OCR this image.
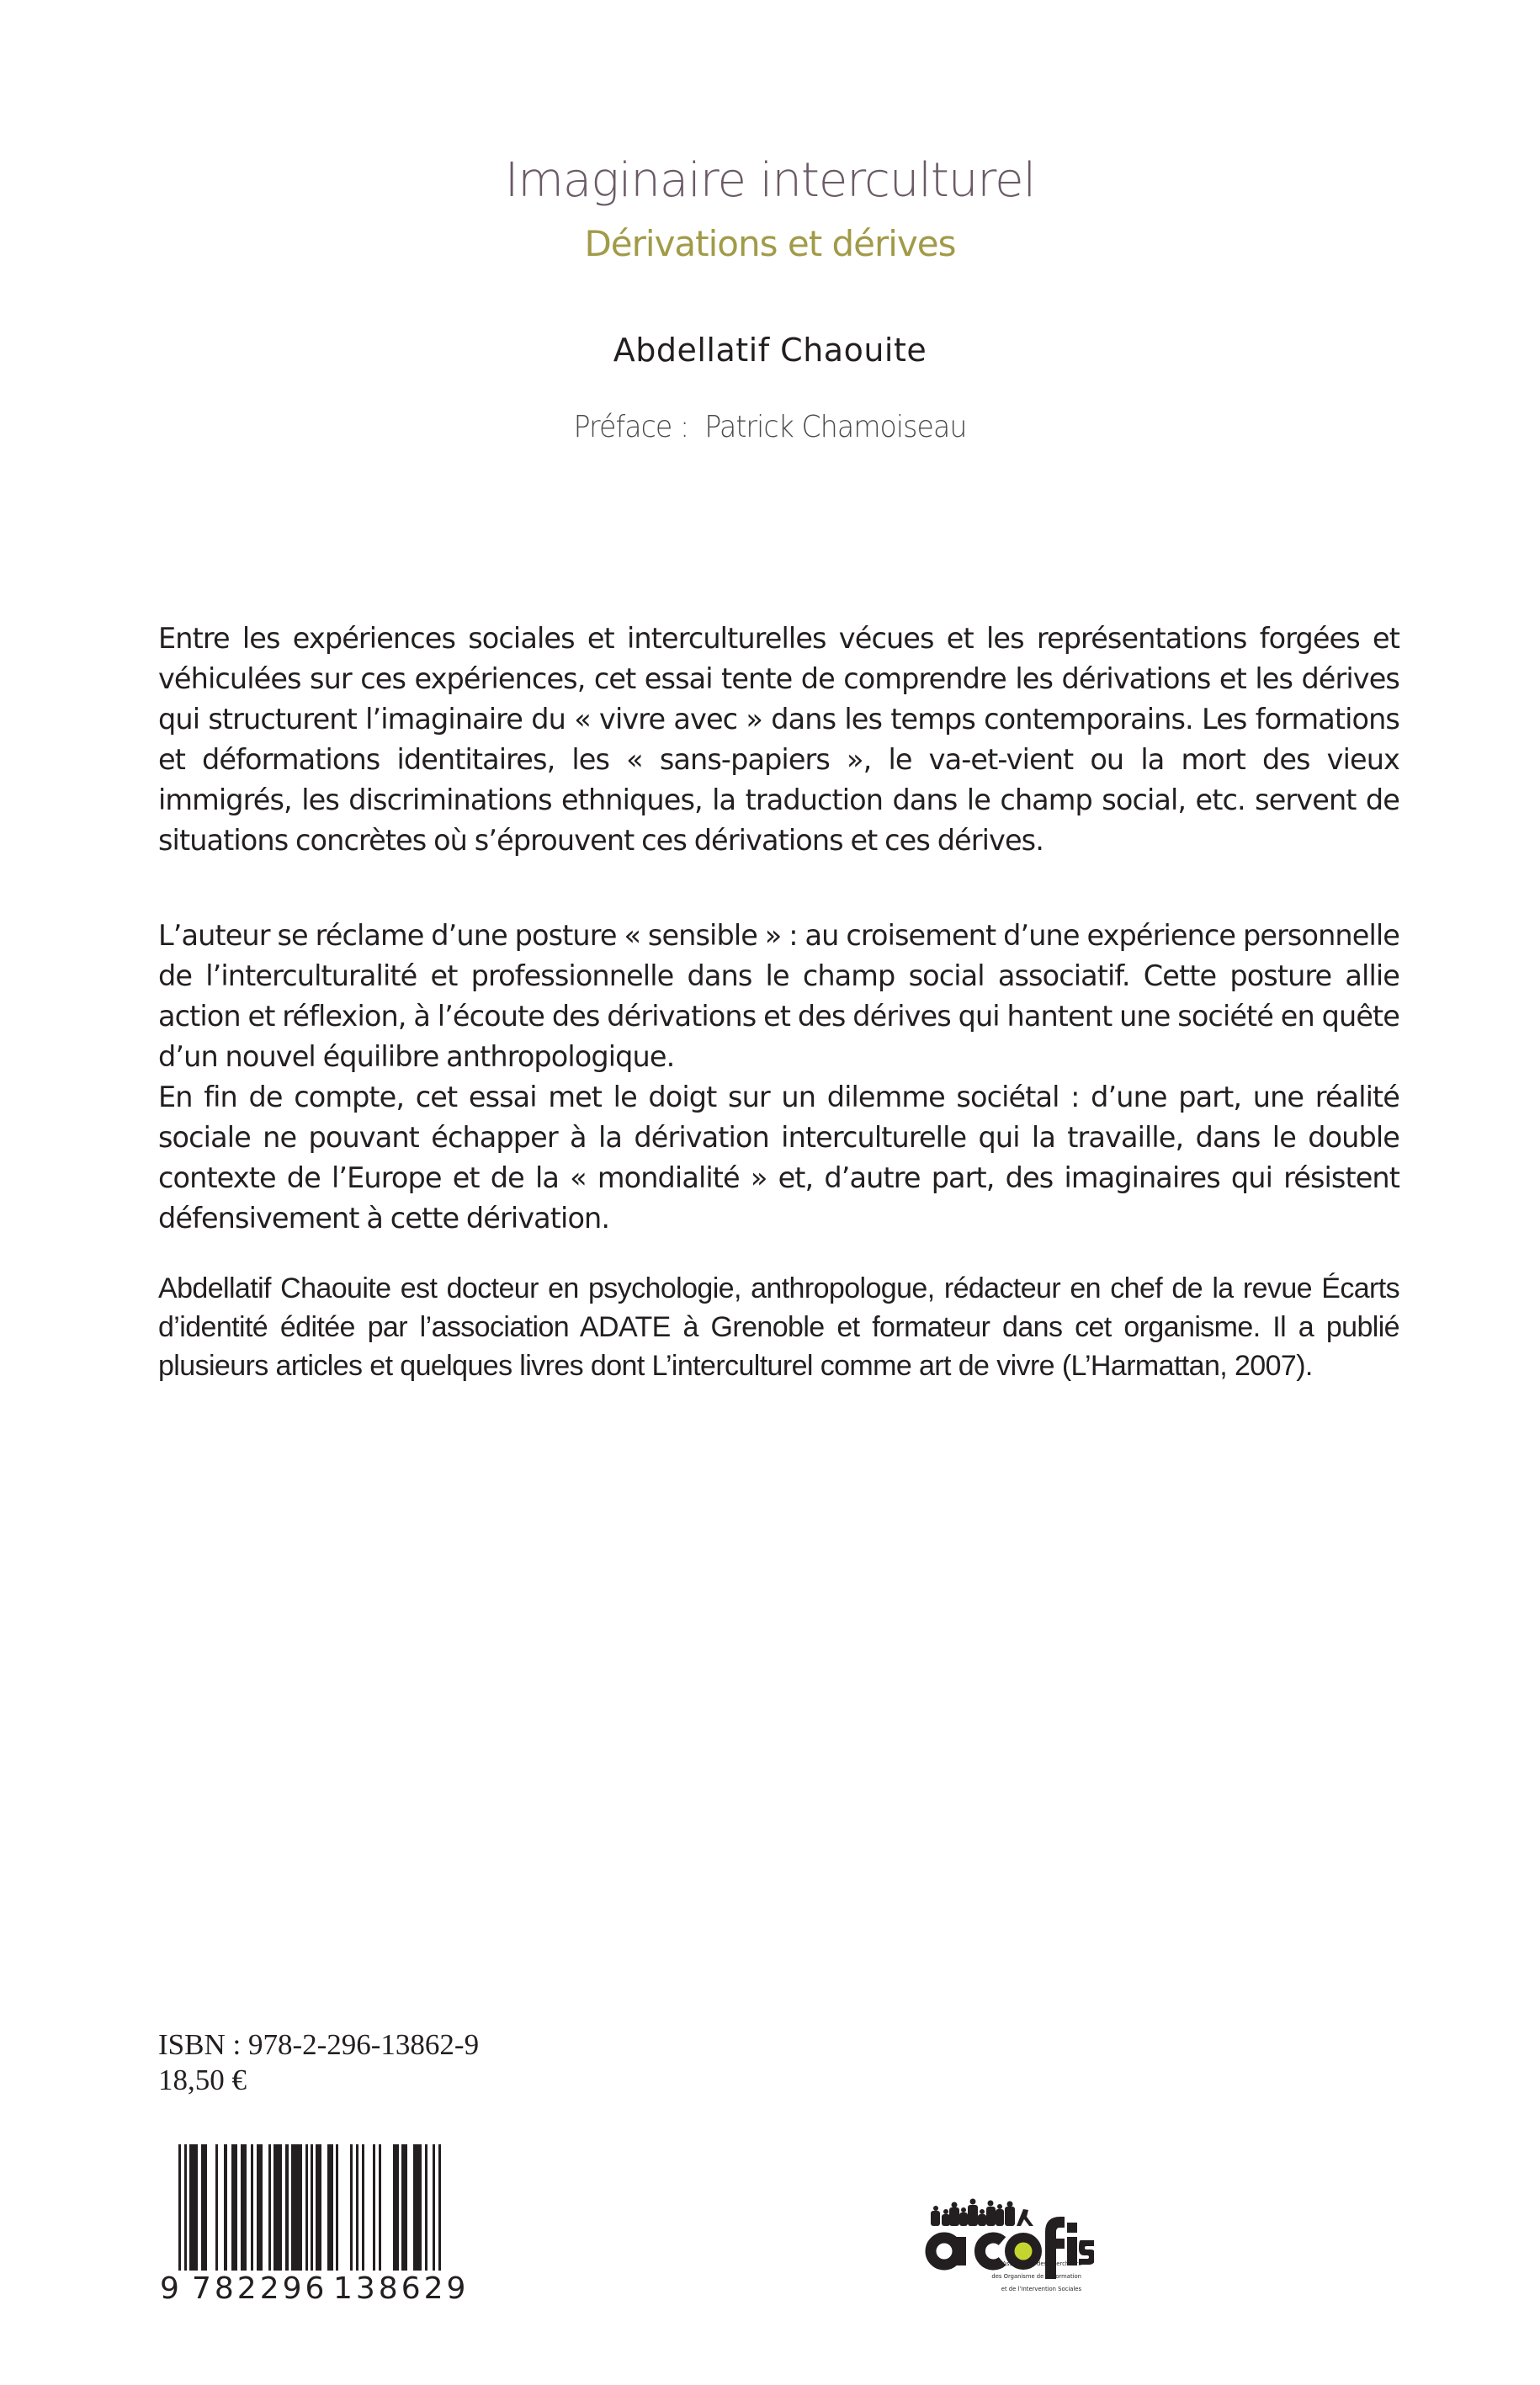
Imaginaire interculturel
Dérivations et dérives
Abdellatif Chaouite
Préface : Patrick Chamoiseau

Entre les expériences sociales et interculturelles vécues et les représentations forgées et véhiculées sur ces expériences, cet essai tente de comprendre les dérivations et les dérives qui structurent l’imaginaire du « vivre avec » dans les temps contemporains. Les formations et déformations identitaires, les « sans-papiers », le va-et-vient ou la mort des vieux immigrés, les discriminations ethniques, la traduction dans le champ social, etc. servent de situations concrètes où s’éprouvent ces dérivations et ces dérives.

L’auteur se réclame d’une posture « sensible » : au croisement d’une expérience personnelle de l’interculturalité et professionnelle dans le champ social associatif. Cette posture allie action et réflexion, à l’écoute des dérivations et des dérives qui hantent une société en quête d’un nouvel équilibre anthropologique.

En fin de compte, cet essai met le doigt sur un dilemme sociétal : d’une part, une réalité sociale ne pouvant échapper à la dérivation interculturelle qui la travaille, dans le double contexte de l’Europe et de la « mondialité » et, d’autre part, des imaginaires qui résistent défensivement à cette dérivation.

Abdellatif Chaouite est docteur en psychologie, anthropologue, rédacteur en chef de la revue Écarts d’identité éditée par l’association ADATE à Grenoble et formateur dans cet organisme. Il a publié plusieurs articles et quelques livres dont L’interculturel comme art de vivre (L’Harmattan, 2007).

ISBN : 978-2-296-13862-9
18,50 €
9 782296 138629
l’Association des Chercheurs
des Organisme de la Formation
et de l’Intervention Sociales
